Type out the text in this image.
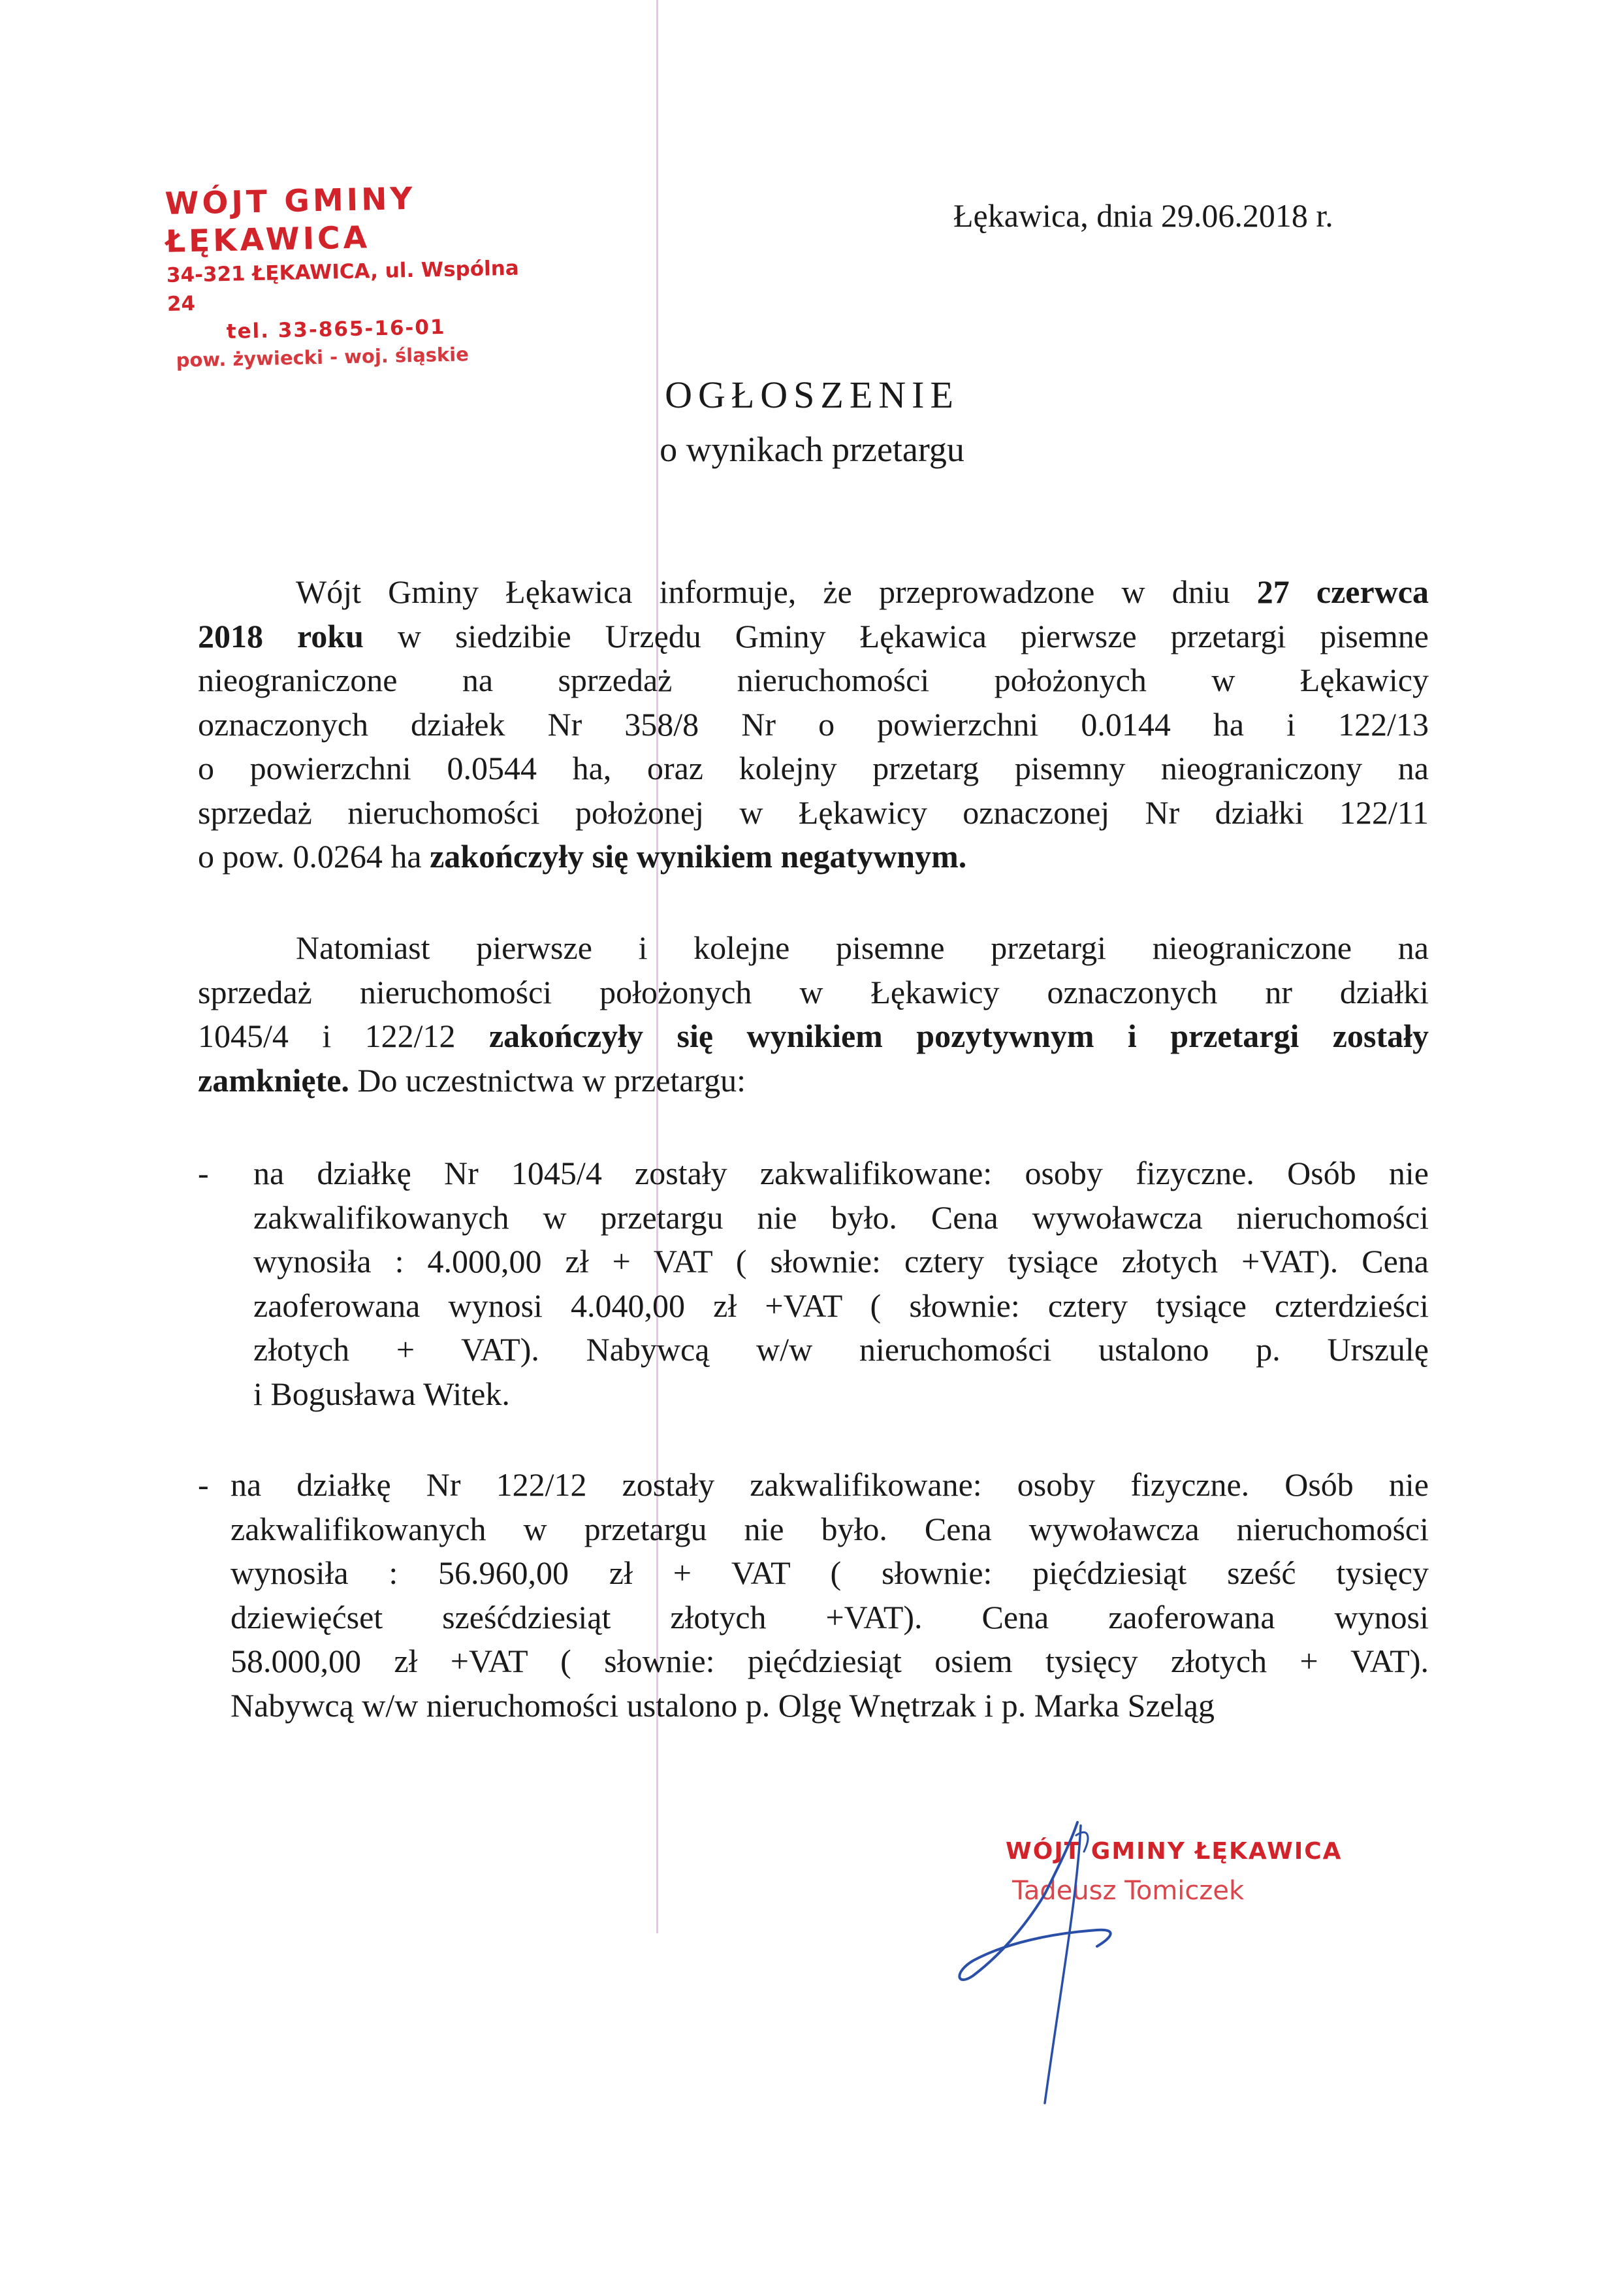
WÓJT GMINY ŁĘKAWICA
34-321 ŁĘKAWICA, ul. Wspólna 24
tel. 33-865-16-01
pow. żywiecki - woj. śląskie
Łękawica, dnia 29.06.2018 r.
OGŁOSZENIE
o wynikach przetargu
Wójt Gminy Łękawica informuje, że przeprowadzone w dniu 27 czerwca
2018 roku w siedzibie Urzędu Gminy Łękawica pierwsze przetargi pisemne
nieograniczone na sprzedaż nieruchomości położonych w Łękawicy
oznaczonych działek Nr 358/8 Nr o powierzchni 0.0144 ha i 122/13
o powierzchni 0.0544 ha, oraz kolejny przetarg pisemny nieograniczony na
sprzedaż nieruchomości położonej w Łękawicy oznaczonej Nr działki 122/11
o pow. 0.0264 ha zakończyły się wynikiem negatywnym.
Natomiast pierwsze i kolejne pisemne przetargi nieograniczone na
sprzedaż nieruchomości położonych w Łękawicy oznaczonych nr działki
1045/4 i 122/12 zakończyły się wynikiem pozytywnym i przetargi zostały
zamknięte. Do uczestnictwa w przetargu:
- na działkę Nr 1045/4 zostały zakwalifikowane: osoby fizyczne. Osób nie
zakwalifikowanych w przetargu nie było. Cena wywoławcza nieruchomości
wynosiła : 4.000,00 zł + VAT ( słownie: cztery tysiące złotych +VAT). Cena
zaoferowana wynosi 4.040,00 zł +VAT ( słownie: cztery tysiące czterdzieści
złotych + VAT). Nabywcą w/w nieruchomości ustalono p. Urszulę
i Bogusława Witek.
- na działkę Nr 122/12 zostały zakwalifikowane: osoby fizyczne. Osób nie
zakwalifikowanych w przetargu nie było. Cena wywoławcza nieruchomości
wynosiła : 56.960,00 zł + VAT ( słownie: pięćdziesiąt sześć tysięcy
dziewięćset sześćdziesiąt złotych +VAT). Cena zaoferowana wynosi
58.000,00 zł +VAT ( słownie: pięćdziesiąt osiem tysięcy złotych + VAT).
Nabywcą w/w nieruchomości ustalono p. Olgę Wnętrzak i p. Marka Szeląg
WÓJT GMINY ŁĘKAWICA
Tadeusz Tomiczek
